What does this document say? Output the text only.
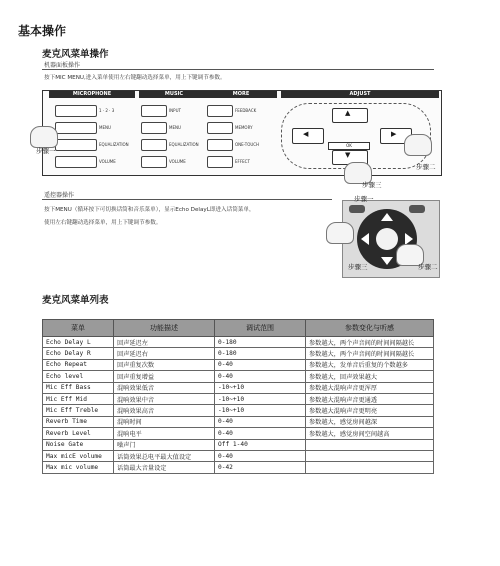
基本操作
麦克风菜单操作
机器面板操作
按下MIC MENU,进入菜单使用左右键翻动选择菜单，用上下键调节参数。
MICROPHONE
1 · 2 · 3
MENU
EQUALIZATION
VOLUME
MUSIC
INPUT
MENU
EQUALIZATION
VOLUME
MORE
FEEDBACK
MEMORY
ONE-TOUCH
EFFECT
ADJUST
▲
▼
◀	▶
OK
步骤一
步骤二
步骤三
遥控器操作
按下MENU（循环按下可切换话筒和音乐菜单），显示Echo DelayL即进入话筒菜单，
使用左右键翻动选择菜单，用上下键调节参数。
步骤一
步骤二
步骤三
麦克风菜单列表
菜单	功能描述	调试范围	参数变化与听感
Echo Delay L	回声延迟左	0-180	参数越大，两个声音间的时间间隔越长
Echo Delay R	回声延迟右	0-180	参数越大，两个声音间的时间间隔越长
Echo Repeat	回声重复次数	0-40	参数越大，发单音后重复的个数越多
Echo level	回声重复增益	0-40	参数越大，回声效果越大
Mic Eff Bass	混响效果低音	-10~+10	参数越大混响声音更浑厚
Mic Eff Mid	混响效果中音	-10~+10	参数越大混响声音更通透
Mic Eff Treble	混响效果高音	-10~+10	参数越大混响声音更明亮
Reverb Time	混响时间	0-40	参数越大，感觉房间越深
Reverb Level	混响电平	0-40	参数越大，感觉房间空间越高
Noise Gate	噪声门	Off 1-40	
Max micE volume	话筒效果总电平最大值设定	0-40	
Max mic volume	话筒最大音量设定	0-42	
